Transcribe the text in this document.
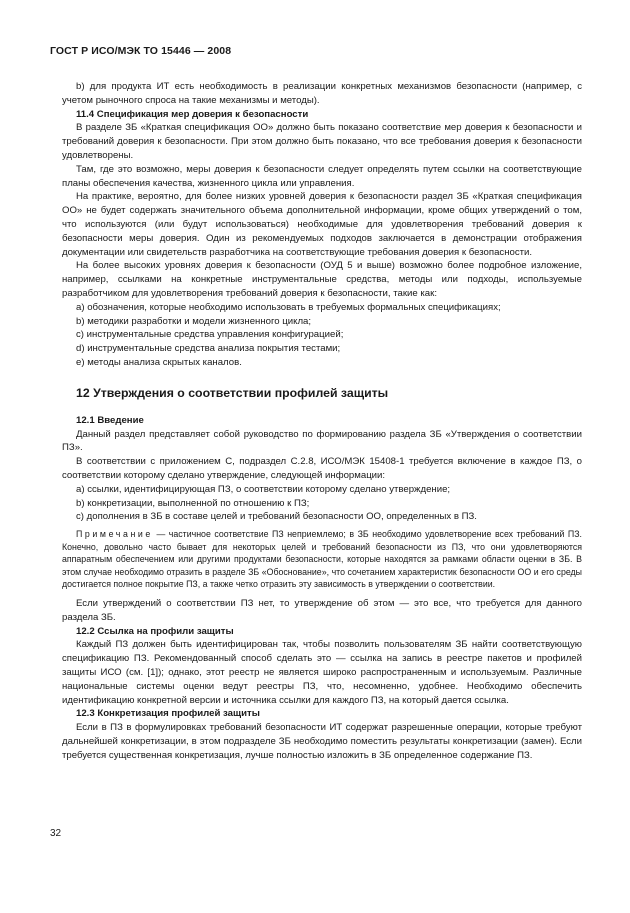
ГОСТ Р ИСО/МЭК ТО 15446 — 2008

b) для продукта ИТ есть необходимость в реализации конкретных механизмов безопасности (например, с учетом рыночного спроса на такие механизмы и методы).

11.4 Спецификация мер доверия к безопасности

В разделе ЗБ «Краткая спецификация ОО» должно быть показано соответствие мер доверия к безопасности и требований доверия к безопасности. При этом должно быть показано, что все требования доверия к безопасности удовлетворены.

Там, где это возможно, меры доверия к безопасности следует определять путем ссылки на соответствующие планы обеспечения качества, жизненного цикла или управления.

На практике, вероятно, для более низких уровней доверия к безопасности раздел ЗБ «Краткая спецификация ОО» не будет содержать значительного объема дополнительной информации, кроме общих утверждений о том, что используются (или будут использоваться) необходимые для удовлетворения требований доверия к безопасности меры доверия. Один из рекомендуемых подходов заключается в демонстрации отображения документации или свидетельств разработчика на соответствующие требования доверия к безопасности.

На более высоких уровнях доверия к безопасности (ОУД 5 и выше) возможно более подробное изложение, например, ссылками на конкретные инструментальные средства, методы или подходы, используемые разработчиком для удовлетворения требований доверия к безопасности, такие как:

a) обозначения, которые необходимо использовать в требуемых формальных спецификациях;

b) методики разработки и модели жизненного цикла;

c) инструментальные средства управления конфигурацией;

d) инструментальные средства анализа покрытия тестами;

e) методы анализа скрытых каналов.

12 Утверждения о соответствии профилей защиты

12.1 Введение

Данный раздел представляет собой руководство по формированию раздела ЗБ «Утверждения о соответствии ПЗ».

В соответствии с приложением С, подраздел С.2.8, ИСО/МЭК 15408-1 требуется включение в каждое ПЗ, о соответствии которому сделано утверждение, следующей информации:

a) ссылки, идентифицирующая ПЗ, о соответствии которому сделано утверждение;

b) конкретизации, выполненной по отношению к ПЗ;

c) дополнения в ЗБ в составе целей и требований безопасности ОО, определенных в ПЗ.

Примечание — частичное соответствие ПЗ неприемлемо; в ЗБ необходимо удовлетворение всех требований ПЗ. Конечно, довольно часто бывает для некоторых целей и требований безопасности из ПЗ, что они удовлетворяются аппаратным обеспечением или другими продуктами безопасности, которые находятся за рамками области оценки в ЗБ. В этом случае необходимо отразить в разделе ЗБ «Обоснование», что сочетанием характеристик безопасности ОО и его среды достигается полное покрытие ПЗ, а также четко отразить эту зависимость в утверждении о соответствии.

Если утверждений о соответствии ПЗ нет, то утверждение об этом — это все, что требуется для данного раздела ЗБ.

12.2 Ссылка на профили защиты

Каждый ПЗ должен быть идентифицирован так, чтобы позволить пользователям ЗБ найти соответствующую спецификацию ПЗ. Рекомендованный способ сделать это — ссылка на запись в реестре пакетов и профилей защиты ИСО (см. [1]); однако, этот реестр не является широко распространенным и используемым. Различные национальные системы оценки ведут реестры ПЗ, что, несомненно, удобнее. Необходимо обеспечить идентификацию конкретной версии и источника ссылки для каждого ПЗ, на который дается ссылка.

12.3 Конкретизация профилей защиты

Если в ПЗ в формулировках требований безопасности ИТ содержат разрешенные операции, которые требуют дальнейшей конкретизации, в этом подразделе ЗБ необходимо поместить результаты конкретизации (замен). Если требуется существенная конкретизация, лучше полностью изложить в ЗБ определенное содержание ПЗ.

32
